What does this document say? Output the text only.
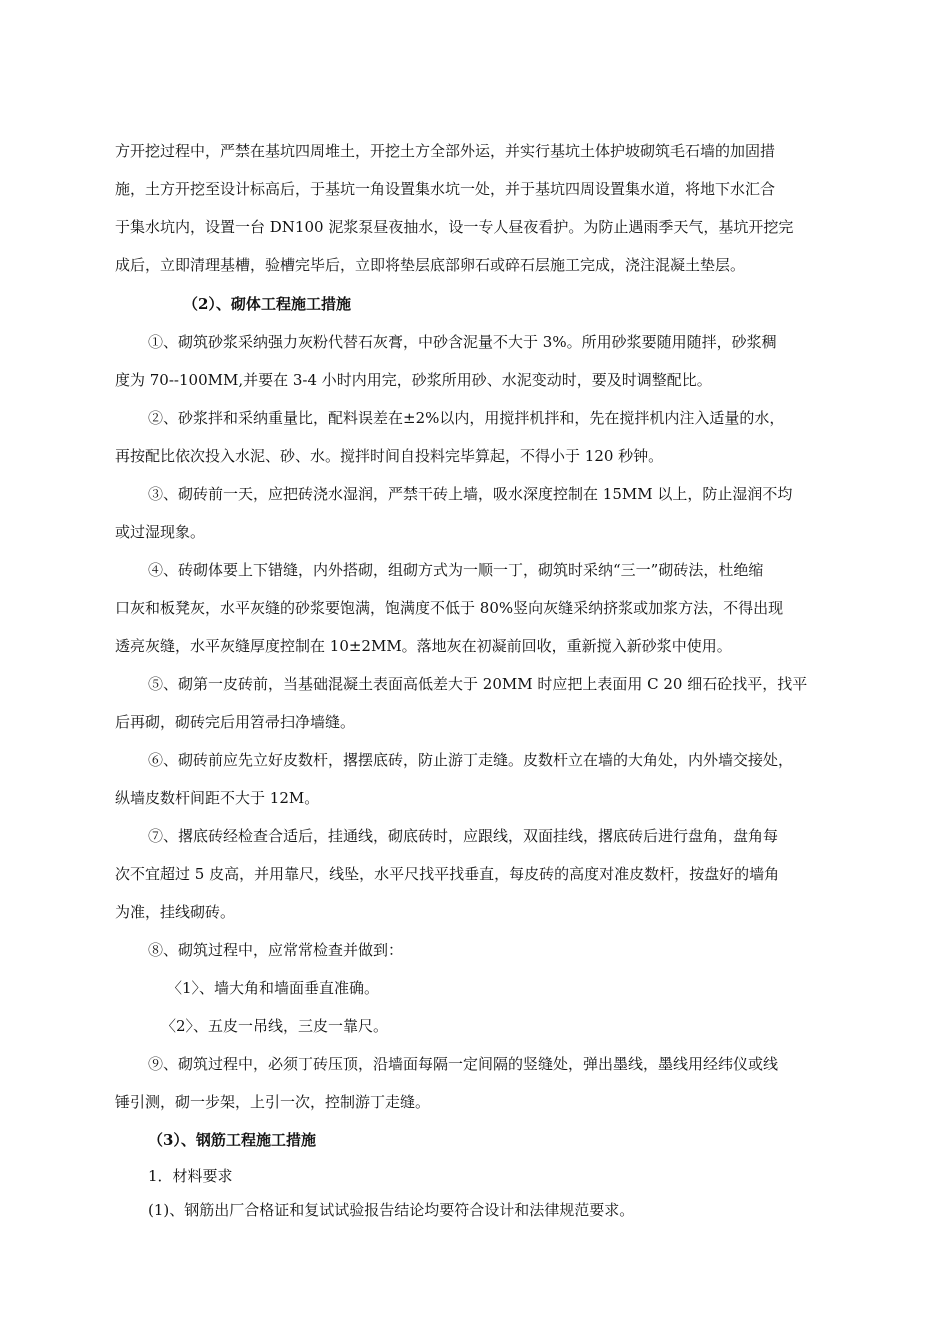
方开挖过程中，严禁在基坑四周堆土，开挖土方全部外运，并实行基坑土体护坡砌筑毛石墙的加固措

施，土方开挖至设计标高后，于基坑一角设置集水坑一处，并于基坑四周设置集水道，将地下水汇合

于集水坑内，设置一台 DN100 泥浆泵昼夜抽水，设一专人昼夜看护。为防止遇雨季天气，基坑开挖完

成后，立即清理基槽，验槽完毕后，立即将垫层底部卵石或碎石层施工完成，浇注混凝土垫层。

（2）、砌体工程施工措施

①、砌筑砂浆采纳强力灰粉代替石灰膏，中砂含泥量不大于 3%。所用砂浆要随用随拌，砂浆稠

度为 70--100MM,并要在 3-4 小时内用完，砂浆所用砂、水泥变动时，要及时调整配比。

②、砂浆拌和采纳重量比，配料误差在±2%以内，用搅拌机拌和，先在搅拌机内注入适量的水，

再按配比依次投入水泥、砂、水。搅拌时间自投料完毕算起，不得小于 120 秒钟。

③、砌砖前一天，应把砖浇水湿润，严禁干砖上墙，吸水深度控制在 15MM 以上，防止湿润不均

或过湿现象。

④、砖砌体要上下错缝，内外搭砌，组砌方式为一顺一丁，砌筑时采纳“三一”砌砖法，杜绝缩

口灰和板凳灰，水平灰缝的砂浆要饱满，饱满度不低于 80%竖向灰缝采纳挤浆或加浆方法，不得出现

透亮灰缝，水平灰缝厚度控制在 10±2MM。落地灰在初凝前回收，重新搅入新砂浆中使用。

⑤、砌第一皮砖前，当基础混凝土表面高低差大于 20MM 时应把上表面用 C 20 细石砼找平，找平

后再砌，砌砖完后用笤帚扫净墙缝。

⑥、砌砖前应先立好皮数杆，撂摆底砖，防止游丁走缝。皮数杆立在墙的大角处，内外墙交接处，

纵墙皮数杆间距不大于 12M。

⑦、撂底砖经检查合适后，挂通线，砌底砖时，应跟线，双面挂线，撂底砖后进行盘角，盘角每

次不宜超过 5 皮高，并用靠尺，线坠，水平尺找平找垂直，每皮砖的高度对准皮数杆，按盘好的墙角

为准，挂线砌砖。

⑧、砌筑过程中，应常常检查并做到：

〈1〉、墙大角和墙面垂直准确。
〈2〉、五皮一吊线，三皮一靠尺。

⑨、砌筑过程中，必须丁砖压顶，沿墙面每隔一定间隔的竖缝处，弹出墨线，墨线用经纬仪或线

锤引测，砌一步架，上引一次，控制游丁走缝。

（3）、钢筋工程施工措施
1．材料要求
(1)、钢筋出厂合格证和复试试验报告结论均要符合设计和法律规范要求。
